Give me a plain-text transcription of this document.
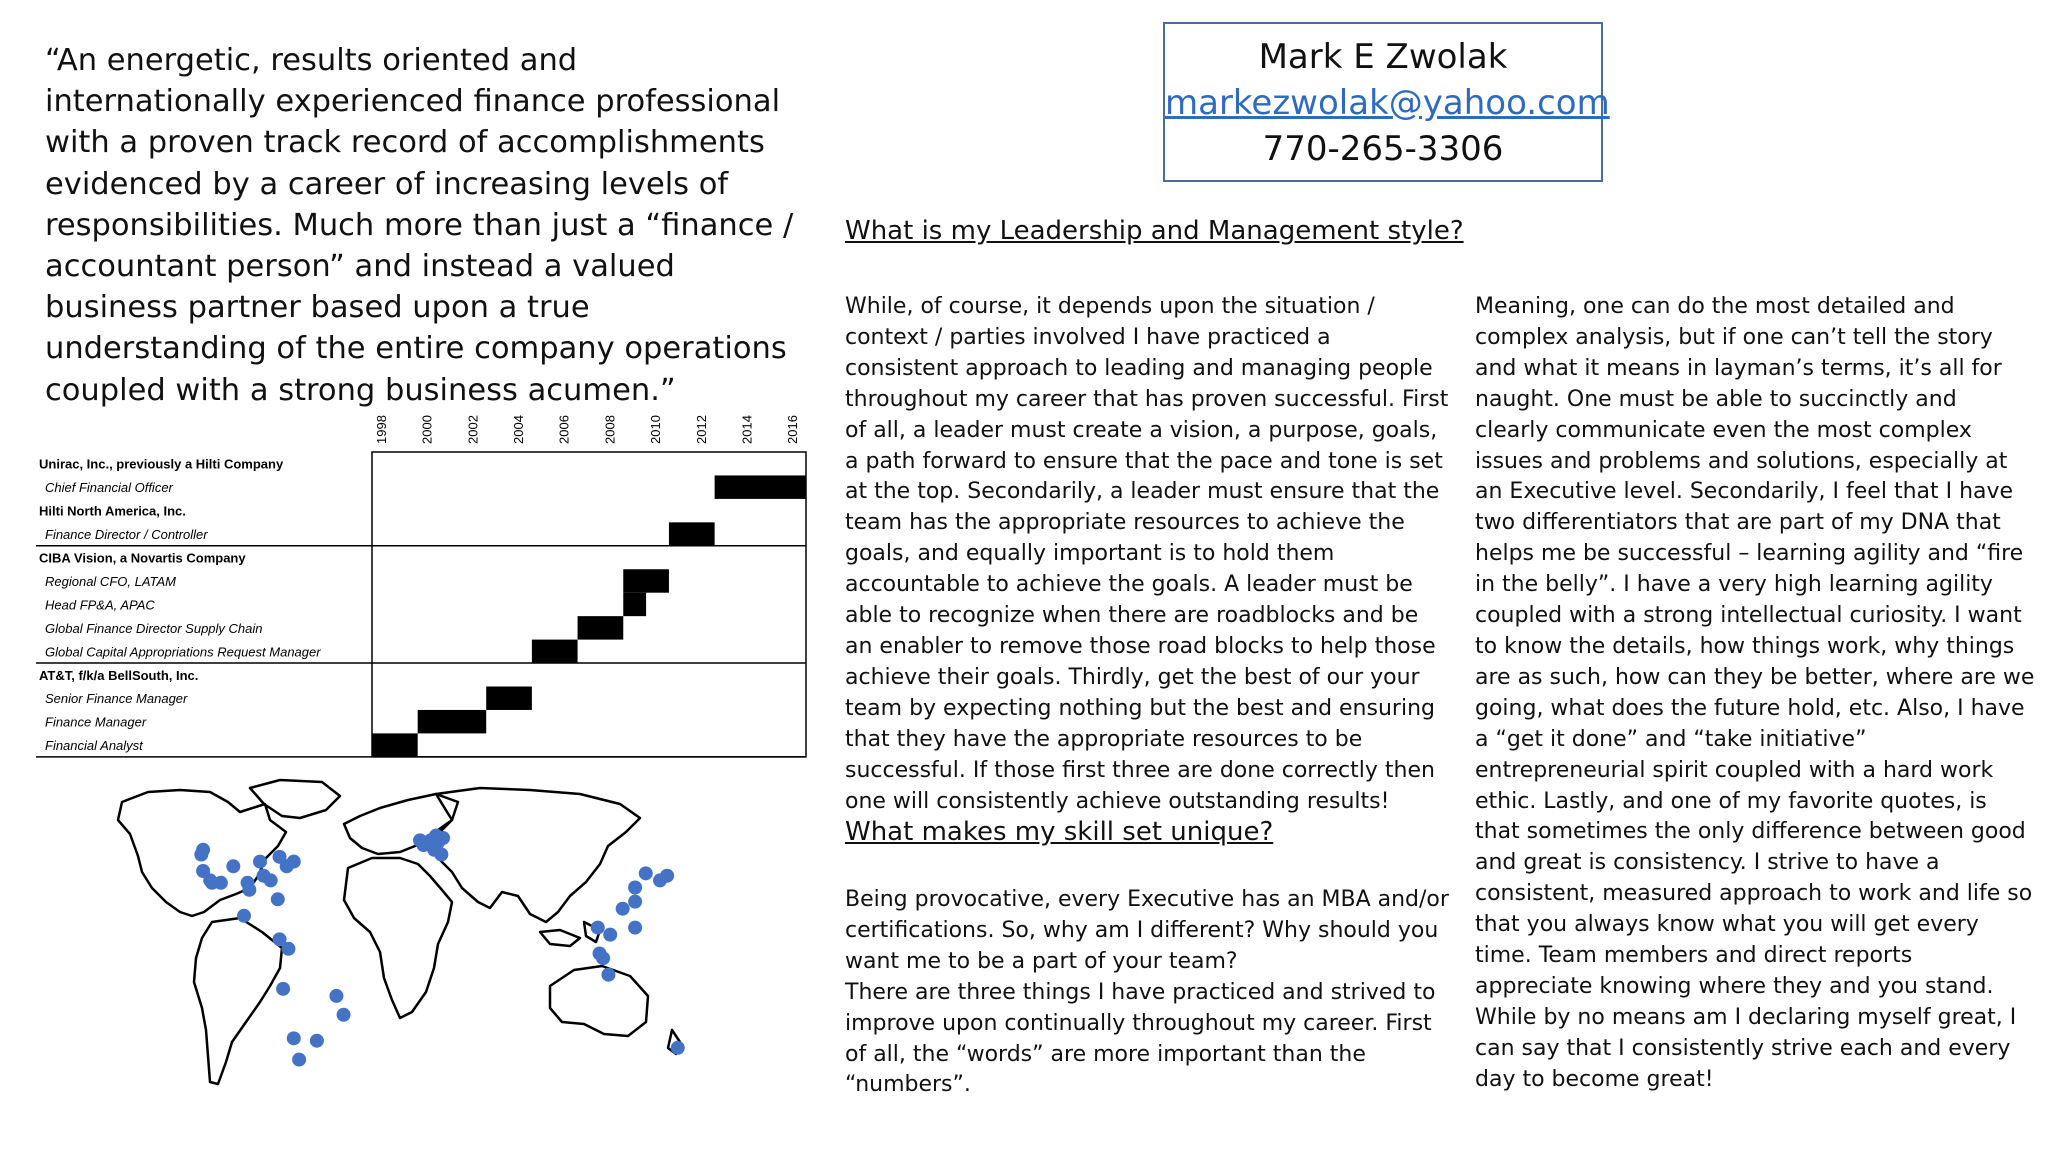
“An energetic, results oriented and internationally experienced finance professional with a proven track record of accomplishments evidenced by a career of increasing levels of responsibilities. Much more than just a “finance / accountant person” and instead a valued business partner based upon a true understanding of the entire company operations coupled with a strong business acumen.”
Mark E Zwolak
markezwolak@yahoo.com
770-265-3306
What is my Leadership and Management style?
While, of course, it depends upon the situation / context / parties involved I have practiced a consistent approach to leading and managing people throughout my career that has proven successful. First of all, a leader must create a vision, a purpose, goals, a path forward to ensure that the pace and tone is set at the top. Secondarily, a leader must ensure that the team has the appropriate resources to achieve the goals, and equally important is to hold them accountable to achieve the goals. A leader must be able to recognize when there are roadblocks and be an enabler to remove those road blocks to help those achieve their goals. Thirdly, get the best of our your team by expecting nothing but the best and ensuring that they have the appropriate resources to be successful. If those first three are done correctly then one will consistently achieve outstanding results!
What makes my skill set unique?

Being provocative, every Executive has an MBA and/or certifications. So, why am I different? Why should you want me to be a part of your team?

There are three things I have practiced and strived to improve upon continually throughout my career. First of all, the “words” are more important than the “numbers”.

Meaning, one can do the most detailed and complex analysis, but if one can’t tell the story and what it means in layman’s terms, it’s all for naught. One must be able to succinctly and clearly communicate even the most complex issues and problems and solutions, especially at an Executive level. Secondarily, I feel that I have two differentiators that are part of my DNA that helps me be successful – learning agility and “fire in the belly”. I have a very high learning agility coupled with a strong intellectual curiosity. I want to know the details, how things work, why things are as such, how can they be better, where are we going, what does the future hold, etc. Also, I have a “get it done” and “take initiative” entrepreneurial spirit coupled with a hard work ethic. Lastly, and one of my favorite quotes, is that sometimes the only difference between good and great is consistency. I strive to have a consistent, measured approach to work and life so that you always know what you will get every time. Team members and direct reports appreciate knowing where they and you stand. While by no means am I declaring myself great, I can say that I consistently strive each and every day to become great!
1998 2000 2002 2004 2006 2008 2010 2012 2014 2016
Unirac, Inc., previously a Hilti Company
Chief Financial Officer
Hilti North America, Inc.
Finance Director / Controller
CIBA Vision, a Novartis Company
Regional CFO, LATAM
Head FP&A, APAC
Global Finance Director Supply Chain
Global Capital Appropriations Request Manager
AT&T, f/k/a BellSouth, Inc.
Senior Finance Manager
Finance Manager
Financial Analyst
